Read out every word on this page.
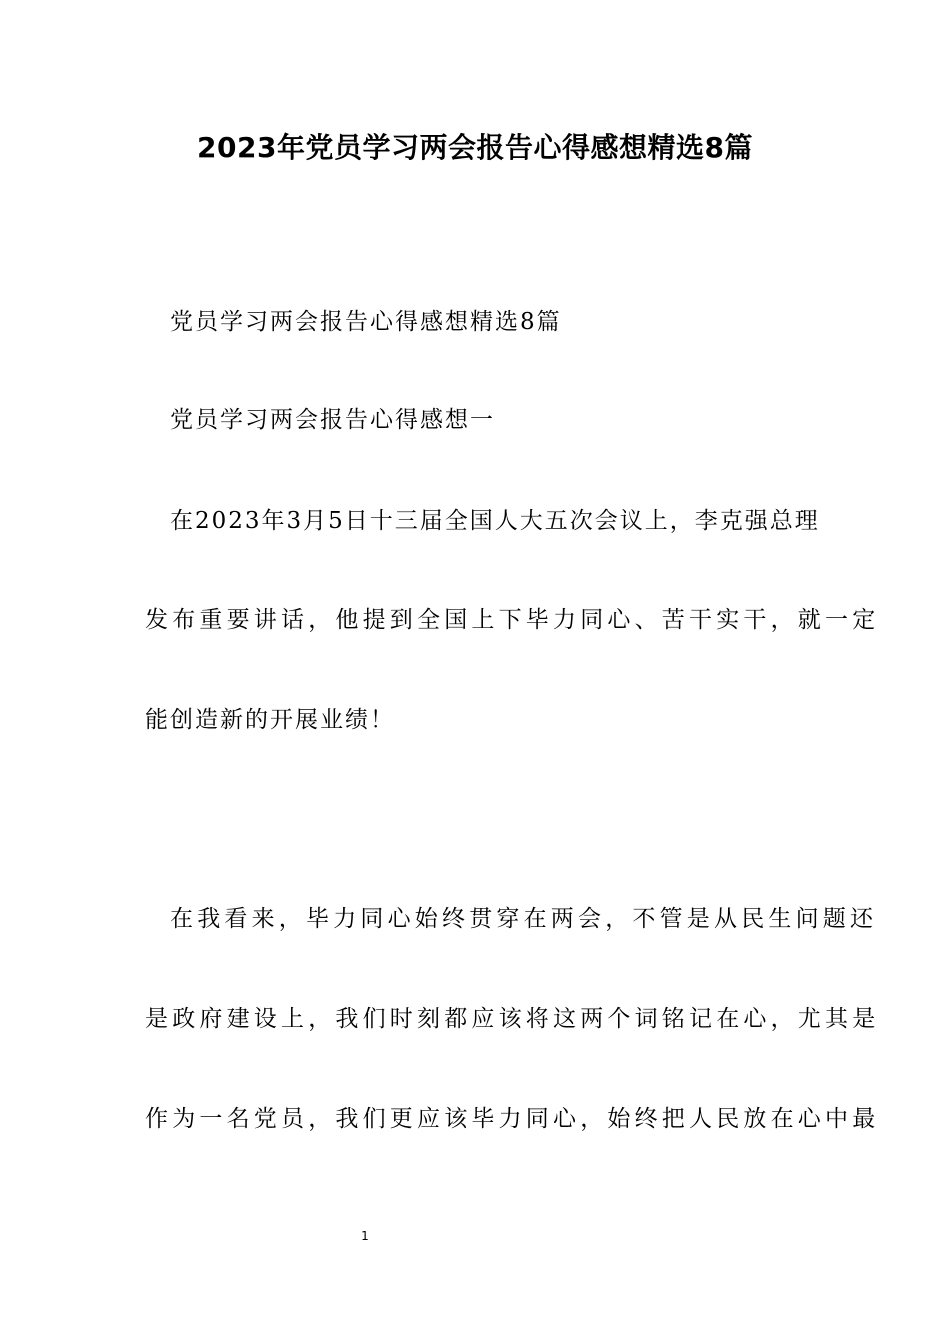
2023年党员学习两会报告心得感想精选8篇

党员学习两会报告心得感想精选8篇

党员学习两会报告心得感想一

在2023年3月5日十三届全国人大五次会议上，李克强总理

发布重要讲话，他提到全国上下毕力同心、苦干实干，就一定

能创造新的开展业绩！

在我看来，毕力同心始终贯穿在两会，不管是从民生问题还

是政府建设上，我们时刻都应该将这两个词铭记在心，尤其是

作为一名党员，我们更应该毕力同心，始终把人民放在心中最

1
